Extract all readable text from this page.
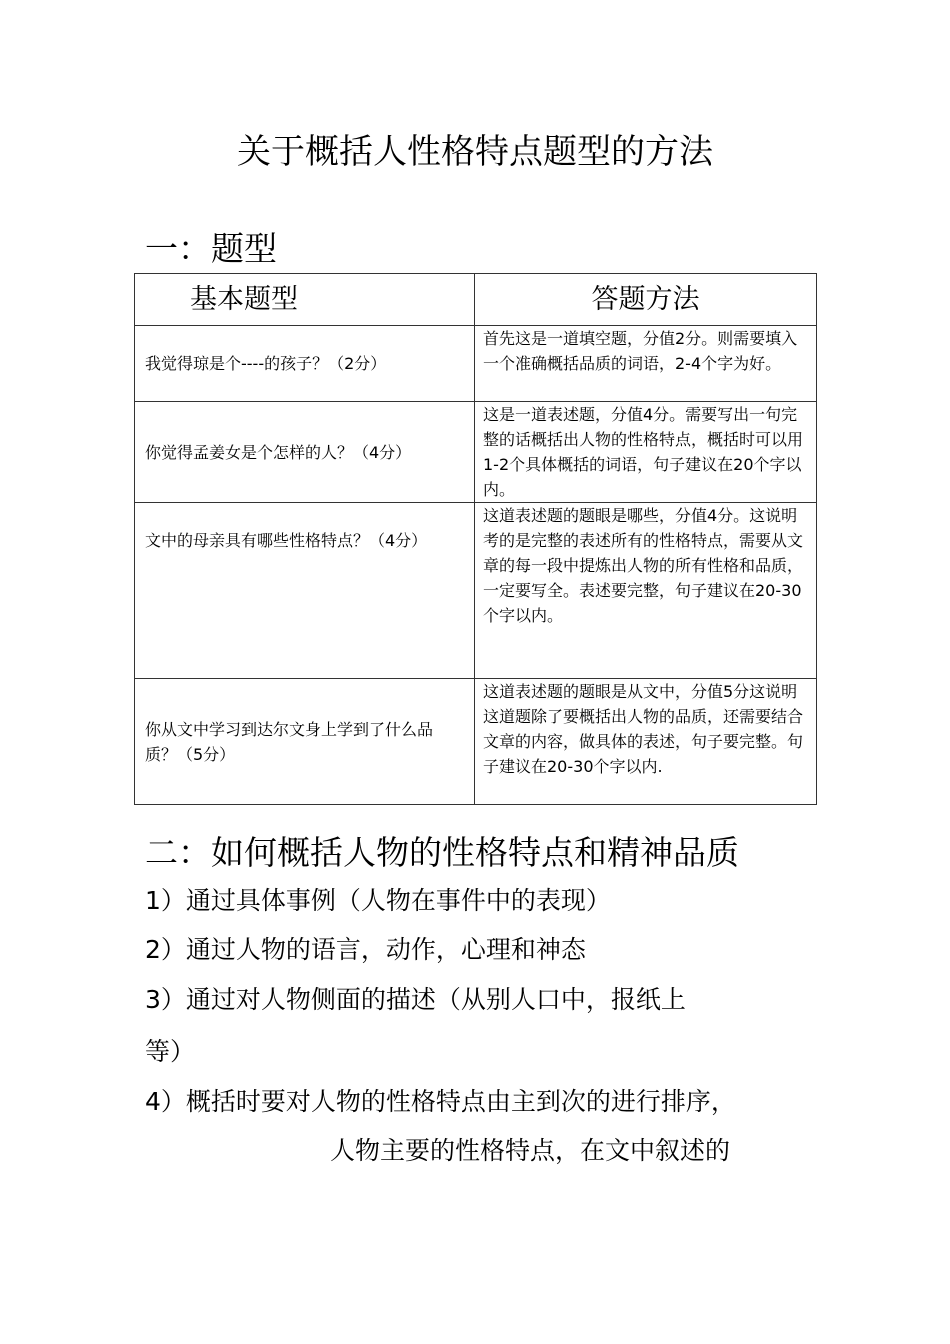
关于概括人性格特点题型的方法
一：题型
基本题型	答题方法
我觉得琼是个----的孩子？（2分）	首先这是一道填空题，分值2分。则需要填入一个准确概括品质的词语，2-4个字为好。
你觉得孟姜女是个怎样的人？（4分）	这是一道表述题，分值4分。需要写出一句完整的话概括出人物的性格特点，概括时可以用1-2个具体概括的词语，句子建议在20个字以内。
文中的母亲具有哪些性格特点？（4分）	这道表述题的题眼是哪些，分值4分。这说明考的是完整的表述所有的性格特点，需要从文章的每一段中提炼出人物的所有性格和品质，一定要写全。表述要完整，句子建议在20-30个字以内。
你从文中学习到达尔文身上学到了什么品质？（5分）	这道表述题的题眼是从文中，分值5分这说明这道题除了要概括出人物的品质，还需要结合文章的内容，做具体的表述，句子要完整。句子建议在20-30个字以内.
二：如何概括人物的性格特点和精神品质

1）通过具体事例（人物在事件中的表现）

2）通过人物的语言，动作，心理和神态

3）通过对人物侧面的描述（从别人口中，报纸上

等）

4）概括时要对人物的性格特点由主到次的进行排序，

人物主要的性格特点，在文中叙述的
